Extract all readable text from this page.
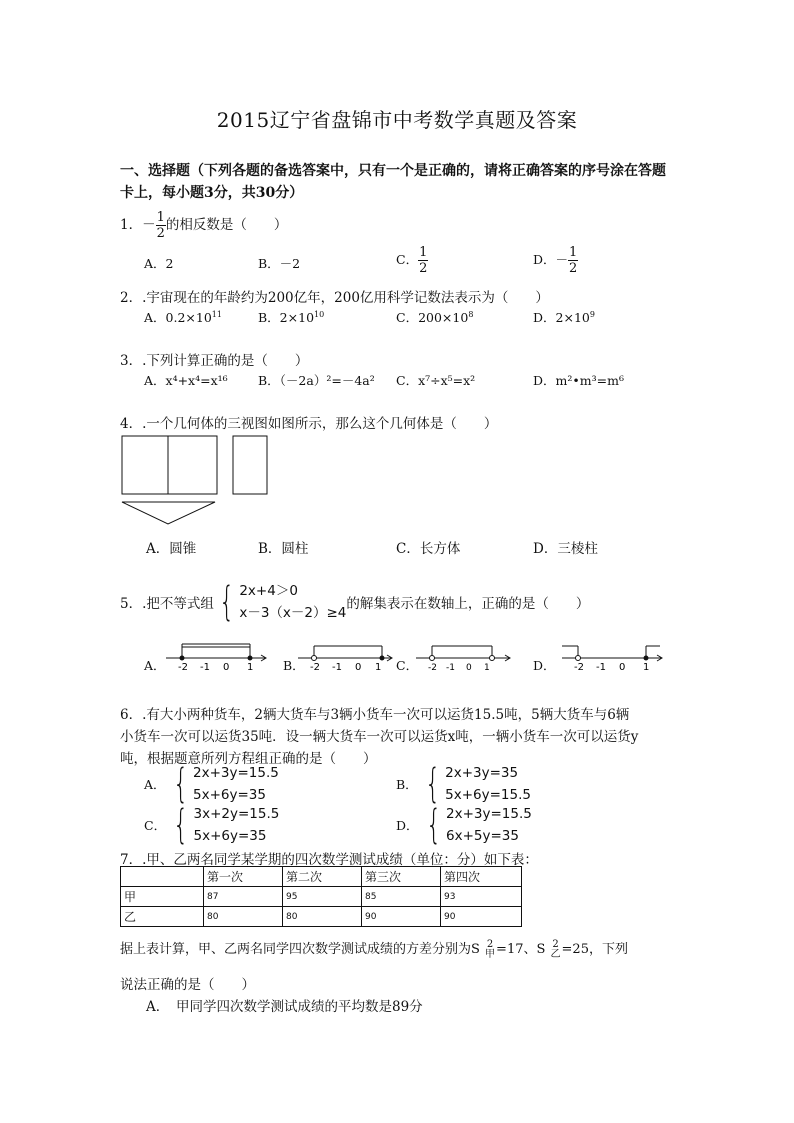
2015辽宁省盘锦市中考数学真题及答案
一、选择题（下列各题的备选答案中，只有一个是正确的，请将正确答案的序号涂在答题
卡上，每小题3分，共30分）
1．－ $\frac{1}{2}$ 的相反数是（　　）
A．2	B．－2	C． $\frac{1}{2}$	D．－ $\frac{1}{2}$
2．.宇宙现在的年龄约为200亿年，200亿用科学记数法表示为（　　）
A．$0.2\times 10^{11}$	B．$2\times 10^{10}$	C．$200\times 10^8$	D．$2\times 10^9$
3．.下列计算正确的是（　　）
A．x⁴+x⁴=x¹⁶ B．（－2a）²=－4a² C．x⁷÷x⁵=x²	D．m²•m³=m⁶
4．.一个几何体的三视图如图所示，那么这个几何体是（　　）
A．圆锥	B．圆柱	C．长方体	D．三棱柱
5．.把不等式组 { 2x+4＞0
x－3（x－2）≥4
的解集表示在数轴上，正确的是（　　）
A．	B．	C．	D．
-2 -1 0 1	-2 -1 0 1	-2 -1 0 1	-2 -1 0 1
6．.有大小两种货车，2辆大货车与3辆小货车一次可以运货15.5吨，5辆大货车与6辆
小货车一次可以运货35吨．设一辆大货车一次可以运货x吨，一辆小货车一次可以运货y
吨，根据题意所列方程组正确的是（　　）
A． { 2x+3y=15.5
5x+6y=35
B． { 2x+3y=35
5x+6y=15.5
C． { 3x+2y=15.5
5x+6y=35
D． { 2x+3y=15.5
6x+5y=35
7．.甲、乙两名同学某学期的四次数学测试成绩（单位：分）如下表：
	第一次	第二次	第三次	第四次
甲	87	95	85	93
乙	80	80	90	90
据上表计算，甲、乙两名同学四次数学测试成绩的方差分别为S 2
甲 =17、S 2
乙 =25，下列
说法正确的是（　　）
A．　甲同学四次数学测试成绩的平均数是89分
